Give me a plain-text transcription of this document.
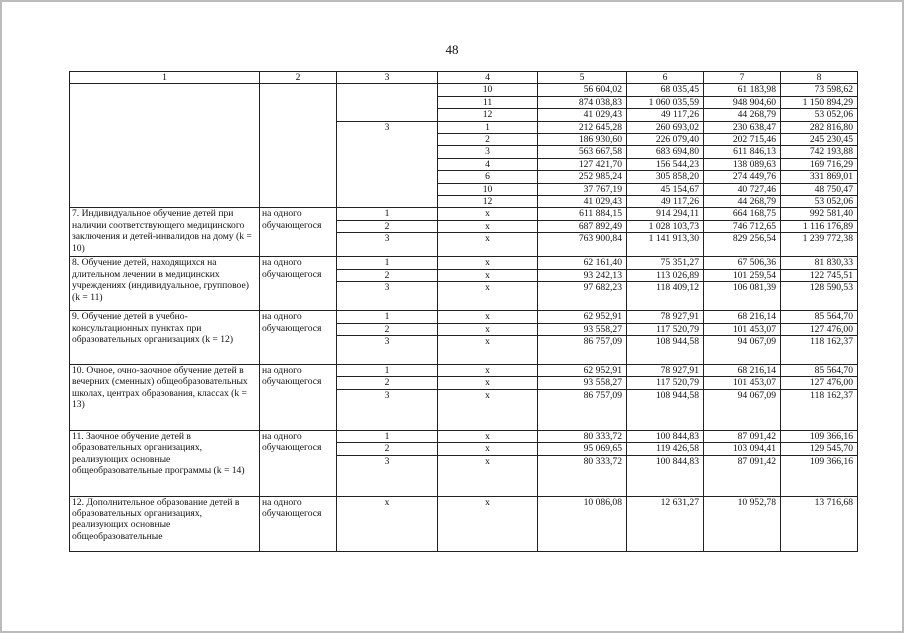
48
1	2	3	4	5	6	7	8
			10	56 604,02	68 035,45	61 183,98	73 598,62
			11	874 038,83	1 060 035,59	948 904,60	1 150 894,29
			12	41 029,43	49 117,26	44 268,79	53 052,06
		3	1	212 645,28	260 693,02	230 638,47	282 816,80
			2	186 930,60	226 079,40	202 715,46	245 230,45
			3	563 667,58	683 694,80	611 846,13	742 193,88
			4	127 421,70	156 544,23	138 089,63	169 716,29
			6	252 985,24	305 858,20	274 449,76	331 869,01
			10	37 767,19	45 154,67	40 727,46	48 750,47
			12	41 029,43	49 117,26	44 268,79	53 052,06
7. Индивидуальное обучение детей при наличии соответствующего медицинского заключения и детей-инвалидов на дому (k = 10)	на одного обучающегося	1	х	611 884,15	914 294,11	664 168,75	992 581,40
		2	х	687 892,49	1 028 103,73	746 712,65	1 116 176,89
		3	х	763 900,84	1 141 913,30	829 256,54	1 239 772,38
8. Обучение детей, находящихся на длительном лечении в медицинских учреждениях (индивидуальное, групповое) (k = 11)	на одного обучающегося	1	х	62 161,40	75 351,27	67 506,36	81 830,33
		2	х	93 242,13	113 026,89	101 259,54	122 745,51
		3	х	97 682,23	118 409,12	106 081,39	128 590,53
9. Обучение детей в учебно-консультационных пунктах при образовательных организациях (k = 12)	на одного обучающегося	1	х	62 952,91	78 927,91	68 216,14	85 564,70
		2	х	93 558,27	117 520,79	101 453,07	127 476,00
		3	х	86 757,09	108 944,58	94 067,09	118 162,37
10. Очное, очно-заочное обучение детей в вечерних (сменных) общеобразовательных школах, центрах образования, классах (k = 13)	на одного обучающегося	1	х	62 952,91	78 927,91	68 216,14	85 564,70
		2	х	93 558,27	117 520,79	101 453,07	127 476,00
		3	х	86 757,09	108 944,58	94 067,09	118 162,37
11. Заочное обучение детей в образовательных организациях, реализующих основные общеобразовательные программы (k = 14)	на одного обучающегося	1	х	80 333,72	100 844,83	87 091,42	109 366,16
		2	х	95 069,65	119 426,58	103 094,41	129 545,70
		3	х	80 333,72	100 844,83	87 091,42	109 366,16
12. Дополнительное образование детей в образовательных организациях, реализующих основные общеобразовательные	на одного обучающегося	х	х	10 086,08	12 631,27	10 952,78	13 716,68
